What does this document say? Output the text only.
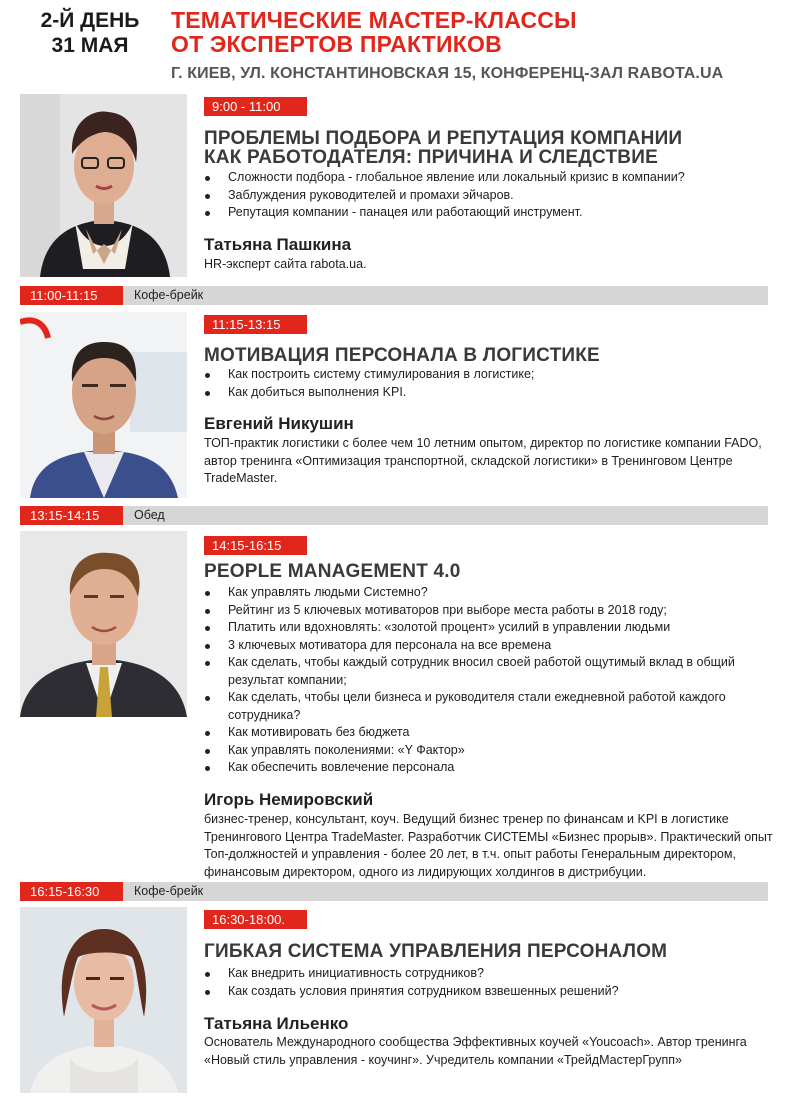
2-Й ДЕНЬ
31 МАЯ
ТЕМАТИЧЕСКИЕ МАСТЕР-КЛАССЫ
ОТ ЭКСПЕРТОВ ПРАКТИКОВ
Г. КИЕВ, УЛ. КОНСТАНТИНОВСКАЯ 15, КОНФЕРЕНЦ-ЗАЛ RABOTA.UA
9:00 - 11:00
ПРОБЛЕМЫ ПОДБОРА И РЕПУТАЦИЯ КОМПАНИИ
КАК РАБОТОДАТЕЛЯ: ПРИЧИНА И СЛЕДСТВИЕ
Сложности подбора - глобальное явление или локальный кризис в компании?
Заблуждения руководителей и промахи эйчаров.
Репутация компании - панацея или работающий инструмент.
Татьяна Пашкина
HR-эксперт сайта rabota.ua.
11:00-11:15	Кофе-брейк
11:15-13:15
МОТИВАЦИЯ ПЕРСОНАЛА В ЛОГИСТИКЕ
Как построить систему стимулирования в логистике;
Как добиться выполнения KPI.
Евгений Никушин
ТОП-практик логистики с более чем 10 летним опытом, директор по логистике компании FADO, автор тренинга «Оптимизация транспортной, складской логистики» в Тренинговом Центре TradeMaster.
13:15-14:15	Обед
14:15-16:15
PEOPLE MANAGEMENT 4.0
Как управлять людьми Системно?
Рейтинг из 5 ключевых мотиваторов при выборе места работы в 2018 году;
Платить или вдохновлять: «золотой процент» усилий в управлении людьми
3 ключевых мотиватора для персонала на все времена
Как сделать, чтобы каждый сотрудник вносил своей работой ощутимый вклад в общий результат компании;
Как сделать, чтобы цели бизнеса и руководителя стали ежедневной работой каждого сотрудника?
Как мотивировать без бюджета
Как управлять поколениями: «Y Фактор»
Как обеспечить вовлечение персонала
Игорь Немировский
бизнес-тренер, консультант, коуч. Ведущий бизнес тренер по финансам и KPI в логистике Тренингового Центра TradeMaster. Разработчик СИСТЕМЫ «Бизнес прорыв». Практический опыт Топ-должностей и управления - более 20 лет, в т.ч. опыт работы Генеральным директором, финансовым директором, одного из лидирующих холдингов в дистрибуции.
16:15-16:30	Кофе-брейк
16:30-18:00.
ГИБКАЯ СИСТЕМА УПРАВЛЕНИЯ ПЕРСОНАЛОМ
Как внедрить инициативность сотрудников?
Как создать условия принятия сотрудником взвешенных решений?
Татьяна Ильенко
Основатель Международного сообщества Эффективных коучей «Youcoach». Автор тренинга «Новый стиль управления - коучинг». Учредитель компании «ТрейдМастерГрупп»
